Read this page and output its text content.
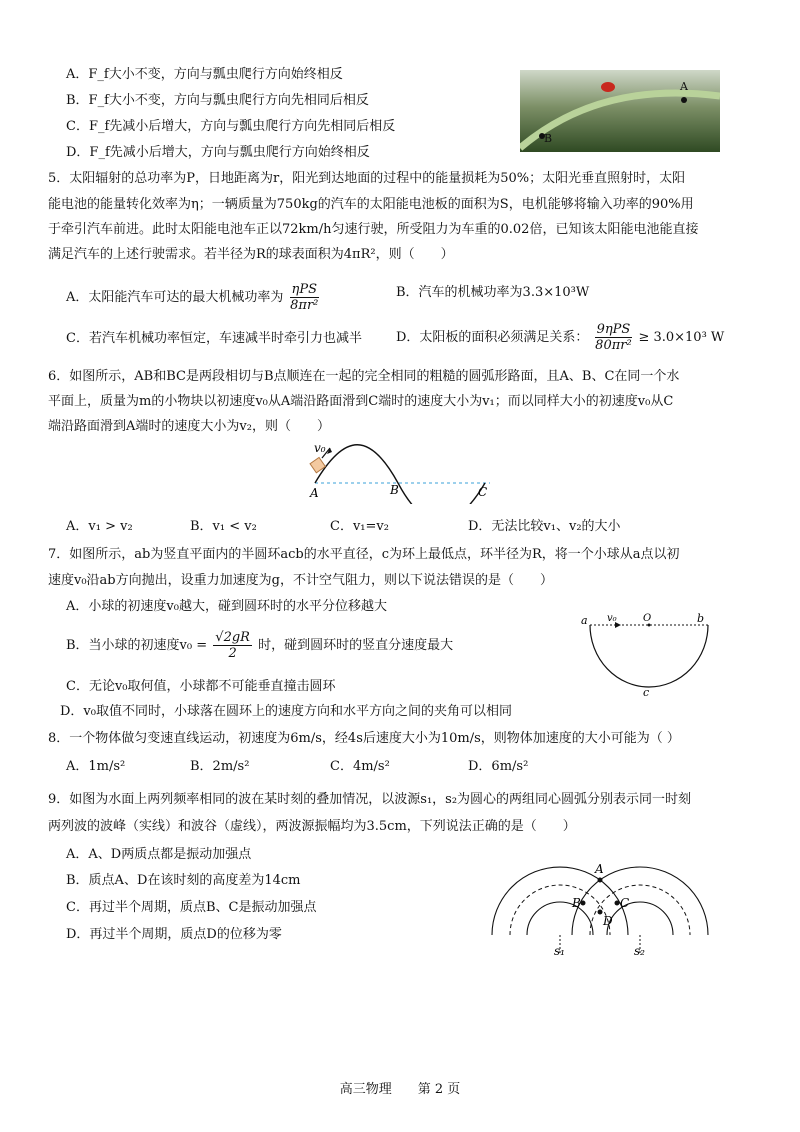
A．F_f大小不变，方向与瓢虫爬行方向始终相反
B．F_f大小不变，方向与瓢虫爬行方向先相同后相反
C．F_f先减小后增大，方向与瓢虫爬行方向先相同后相反
D．F_f先减小后增大，方向与瓢虫爬行方向始终相反
A
B
5．太阳辐射的总功率为P，日地距离为r，阳光到达地面的过程中的能量损耗为50%；太阳光垂直照射时，太阳
能电池的能量转化效率为η；一辆质量为750kg的汽车的太阳能电池板的面积为S，电机能够将输入功率的90%用
于牵引汽车前进。此时太阳能电池车正以72km/h匀速行驶，所受阻力为车重的0.02倍，已知该太阳能电池能直接
满足汽车的上述行驶需求。若半径为R的球表面积为4πR²，则（　　）
A．太阳能汽车可达的最大机械功率为 $\frac{\text{ηPS}}{\text{8πr²}}$	B．汽车的机械功率为3.3×10³W
C．若汽车机械功率恒定，车速减半时牵引力也减半	D．太阳板的面积必须满足关系： $\frac{\text{9ηPS}}{\text{80πr²}} \ge 3.0\times 10^3$ W
6．如图所示，AB和BC是两段相切与B点顺连在一起的完全相同的粗糙的圆弧形路面，且A、B、C在同一个水
平面上，质量为m的小物块以初速度v₀从A端沿路面滑到C端时的速度大小为v₁；而以同样大小的初速度v₀从C
端沿路面滑到A端时的速度大小为v₂，则（　　）
v₀
A	B	C
A．v₁ > v₂	B．v₁ < v₂	C．v₁=v₂	D．无法比较v₁、v₂的大小
7．如图所示，ab为竖直平面内的半圆环acb的水平直径，c为环上最低点，环半径为R，将一个小球从a点以初
速度v₀沿ab方向抛出，设重力加速度为g，不计空气阻力，则以下说法错误的是（　　）
A．小球的初速度v₀越大，碰到圆环时的水平分位移越大
B．当小球的初速度$v_0 = \frac{√2gR}{2}$ 时，碰到圆环时的竖直分速度最大
C．无论v₀取何值，小球都不可能垂直撞击圆环
D．v₀取值不同时，小球落在圆环上的速度方向和水平方向之间的夹角可以相同
a v₀	O	b
c
8．一个物体做匀变速直线运动，初速度为6m/s，经4s后速度大小为10m/s，则物体加速度的大小可能为（ ）
A．1m/s²	B．2m/s²	C．4m/s²	D．6m/s²
9．如图为水面上两列频率相同的波在某时刻的叠加情况，以波源s₁，s₂为圆心的两组同心圆弧分别表示同一时刻
两列波的波峰（实线）和波谷（虚线），两波源振幅均为3.5cm，下列说法正确的是（　　）
A．A、D两质点都是振动加强点
B．质点A、D在该时刻的高度差为14cm
C．再过半个周期，质点B、C是振动加强点
D．再过半个周期，质点D的位移为零
A
B	C
D
s₁	s₂
高三物理　　第 2 页
